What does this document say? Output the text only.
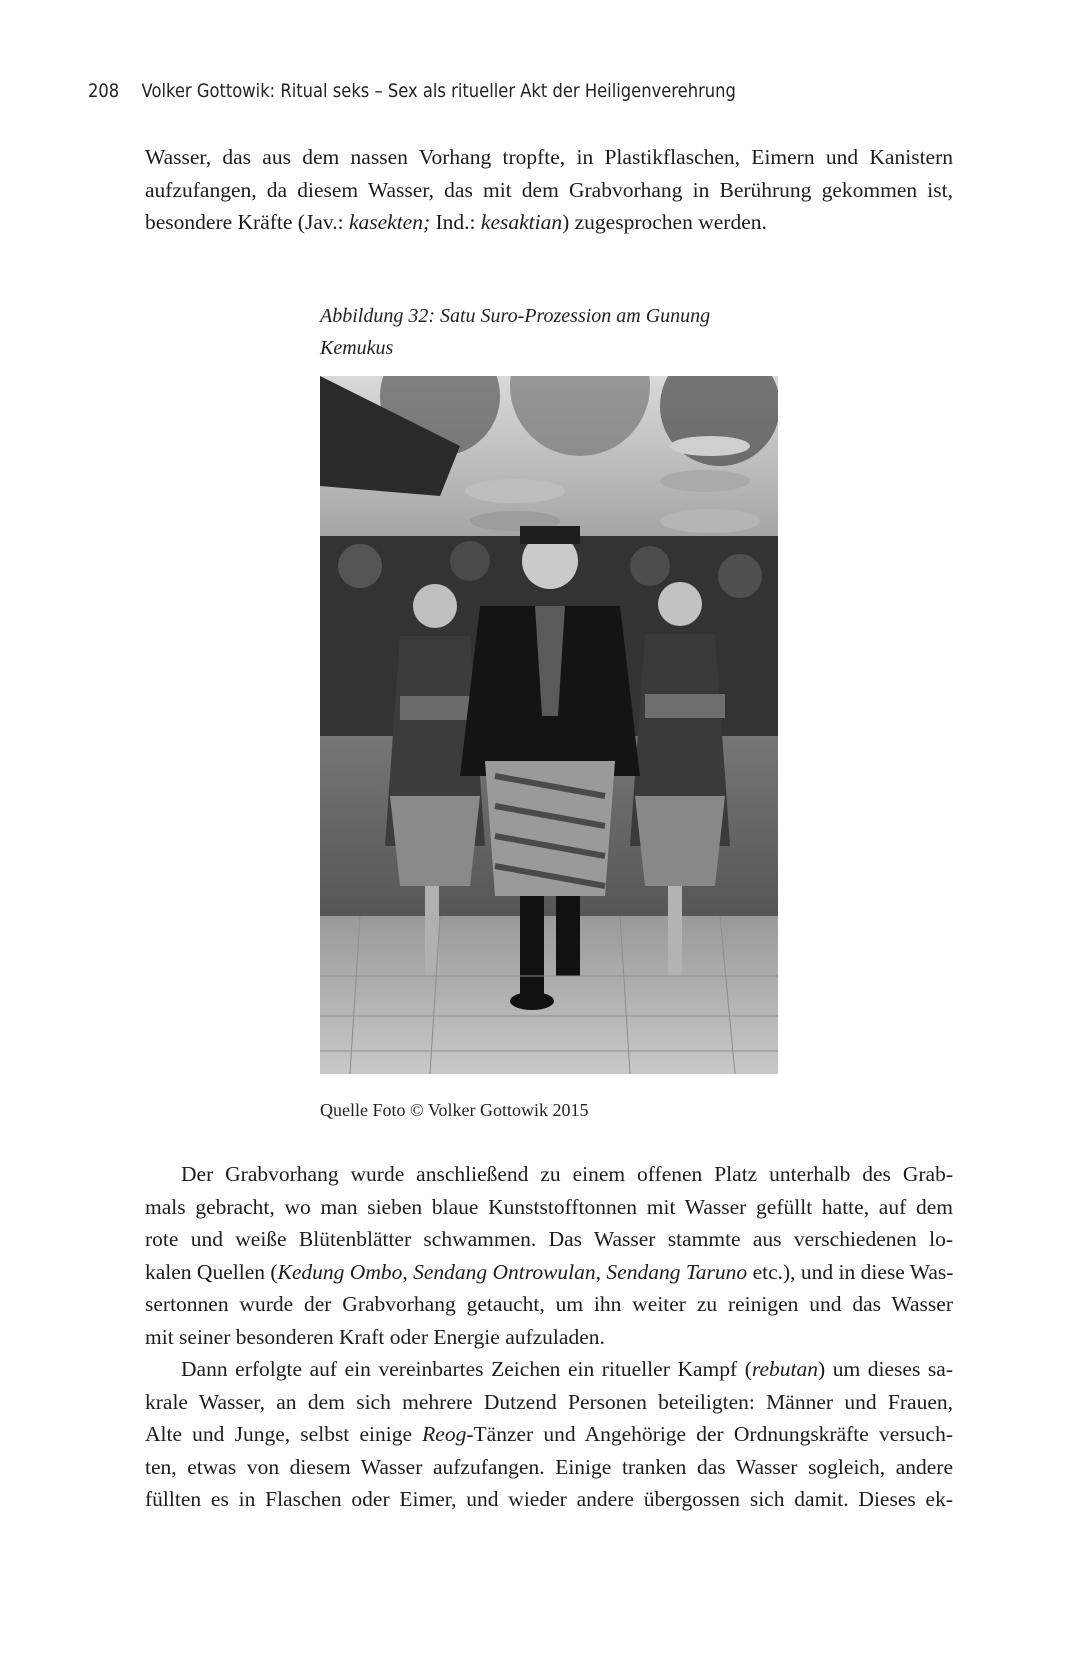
208 Volker Gottowik: Ritual seks – Sex als ritueller Akt der Heiligenverehrung
Wasser, das aus dem nassen Vorhang tropfte, in Plastikflaschen, Eimern und Kanistern
aufzufangen, da diesem Wasser, das mit dem Grabvorhang in Berührung gekommen ist,
besondere Kräfte (Jav.: kasekten; Ind.: kesaktian) zugesprochen werden.
Abbildung 32: Satu Suro-Prozession am Gunung
Kemukus
Quelle Foto © Volker Gottowik 2015
Der Grabvorhang wurde anschließend zu einem offenen Platz unterhalb des Grab-
mals gebracht, wo man sieben blaue Kunststofftonnen mit Wasser gefüllt hatte, auf dem
rote und weiße Blütenblätter schwammen. Das Wasser stammte aus verschiedenen lo-
kalen Quellen (Kedung Ombo, Sendang Ontrowulan, Sendang Taruno etc.), und in diese Was-
sertonnen wurde der Grabvorhang getaucht, um ihn weiter zu reinigen und das Wasser
mit seiner besonderen Kraft oder Energie aufzuladen.
Dann erfolgte auf ein vereinbartes Zeichen ein ritueller Kampf (rebutan) um dieses sa-
krale Wasser, an dem sich mehrere Dutzend Personen beteiligten: Männer und Frauen,
Alte und Junge, selbst einige Reog-Tänzer und Angehörige der Ordnungskräfte versuch-
ten, etwas von diesem Wasser aufzufangen. Einige tranken das Wasser sogleich, andere
füllten es in Flaschen oder Eimer, und wieder andere übergossen sich damit. Dieses ek-
